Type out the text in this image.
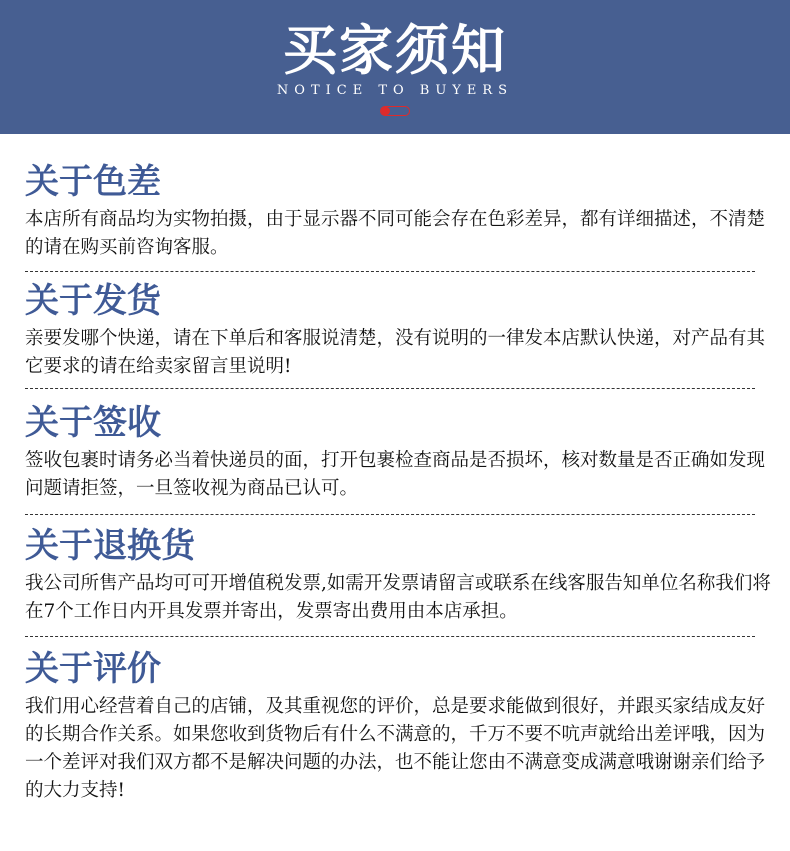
买家须知
NOTICE TO BUYERS
关于色差
本店所有商品均为实物拍摄，由于显示器不同可能会存在色彩差异，都有详细描述，不清楚的请在购买前咨询客服。
关于发货
亲要发哪个快递，请在下单后和客服说清楚，没有说明的一律发本店默认快递，对产品有其它要求的请在给卖家留言里说明!
关于签收
签收包裹时请务必当着快递员的面，打开包裹检查商品是否损坏，核对数量是否正确如发现问题请拒签，一旦签收视为商品已认可。
关于退换货
我公司所售产品均可可开增值税发票,如需开发票请留言或联系在线客服告知单位名称我们将在7个工作日内开具发票并寄出，发票寄出费用由本店承担。
关于评价
我们用心经营着自己的店铺，及其重视您的评价，总是要求能做到很好，并跟买家结成友好的长期合作关系。如果您收到货物后有什么不满意的，千万不要不吭声就给出差评哦，因为一个差评对我们双方都不是解决问题的办法，也不能让您由不满意变成满意哦谢谢亲们给予的大力支持!
